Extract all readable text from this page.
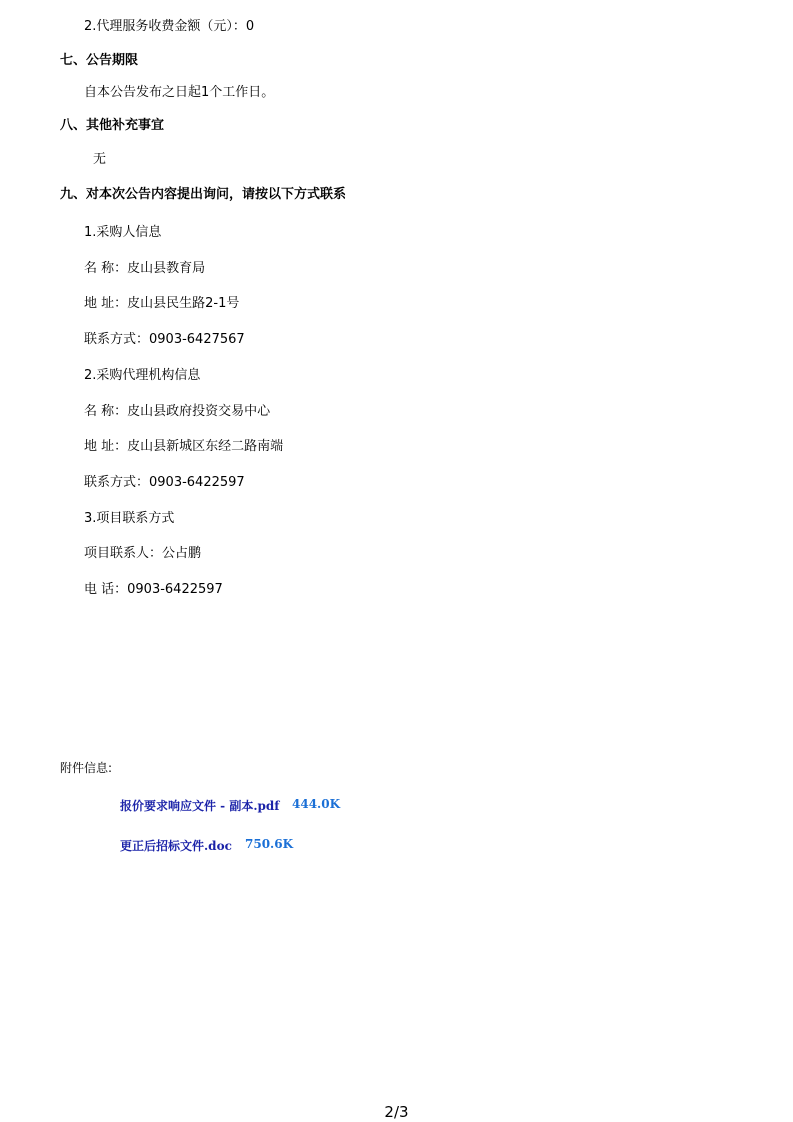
2.代理服务收费金额（元）：0
七、公告期限
自本公告发布之日起1个工作日。
八、其他补充事宜
无
九、对本次公告内容提出询问，请按以下方式联系
1.采购人信息
名 称：皮山县教育局
地 址：皮山县民生路2-1号
联系方式：0903-6427567
2.采购代理机构信息
名 称：皮山县政府投资交易中心
地 址：皮山县新城区东经二路南端
联系方式：0903-6422597
3.项目联系方式
项目联系人：公占鹏
电 话：0903-6422597
附件信息:
报价要求响应文件 - 副本.pdf 444.0K
更正后招标文件.doc 750.6K
2/3
